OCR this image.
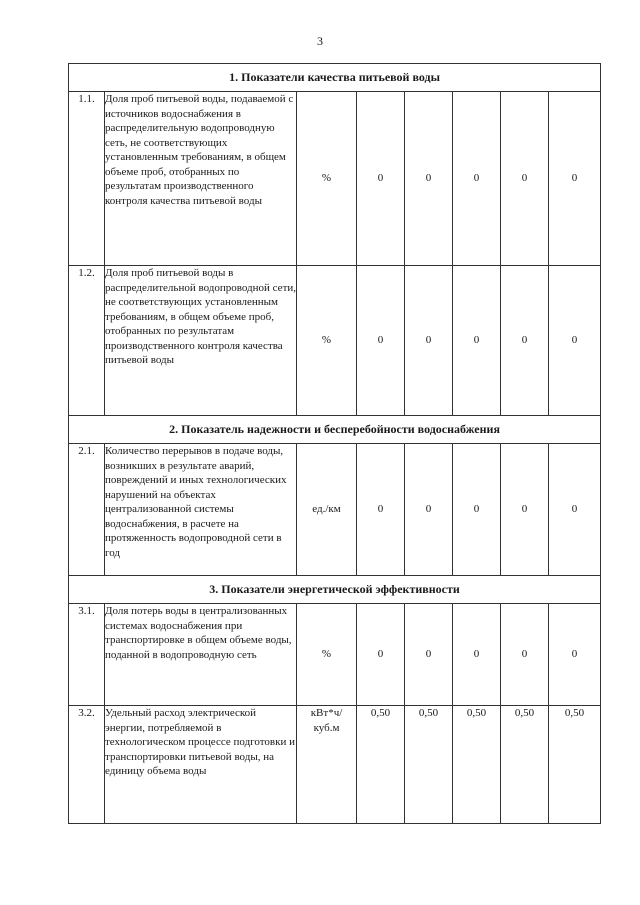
3
1. Показатели качества питьевой воды							
1.1.	Доля проб питьевой воды, подаваемой с источников водоснабжения в распределительную водопроводную сеть, не соответствующих установленным требованиям, в общем объеме проб, отобранных по результатам производственного контроля качества питьевой воды	%	0	0	0	0	0
1.2.	Доля проб питьевой воды в распределительной водопроводной сети, не соответствующих установленным требованиям, в общем объеме проб, отобранных по результатам производственного контроля качества питьевой воды	%	0	0	0	0	0
2. Показатель надежности и бесперебойности водоснабжения							
2.1.	Количество перерывов в подаче воды, возникших в результате аварий, повреждений и иных технологических нарушений на объектах централизованной системы водоснабжения, в расчете на протяженность водопроводной сети в год	ед./км	0	0	0	0	0
3. Показатели энергетической эффективности							
3.1.	Доля потерь воды в централизованных системах водоснабжения при транспортировке в общем объеме воды, поданной в водопроводную сеть	%	0	0	0	0	0
3.2.	Удельный расход электрической энергии, потребляемой в технологическом процессе подготовки и транспортировки питьевой воды, на единицу объема воды	кВт*ч/ куб.м	0,50	0,50	0,50	0,50	0,50
